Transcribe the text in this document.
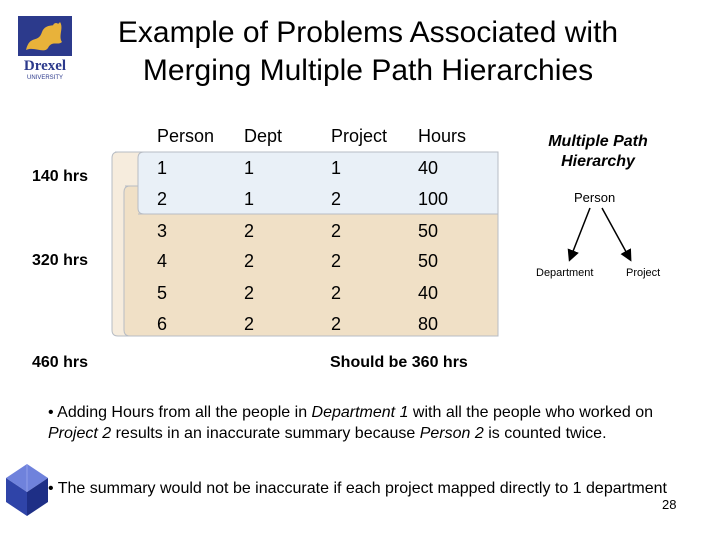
Drexel
UNIVERSITY
Example of Problems Associated with Merging Multiple Path Hierarchies
140 hrs
320 hrs
460 hrs
Person Dept	Project Hours
1	1	1	40
2	1	2	100
3	2	2	50
4	2	2	50
5	2	2	40
6	2	2	80
Multiple Path Hierarchy
Person
Department	Project
Should be 360 hrs
• Adding Hours from all the people in Department 1 with all the people who worked on Project 2 results in an inaccurate summary because Person 2 is counted twice.
• The summary would not be inaccurate if each project mapped directly to 1 department
28
